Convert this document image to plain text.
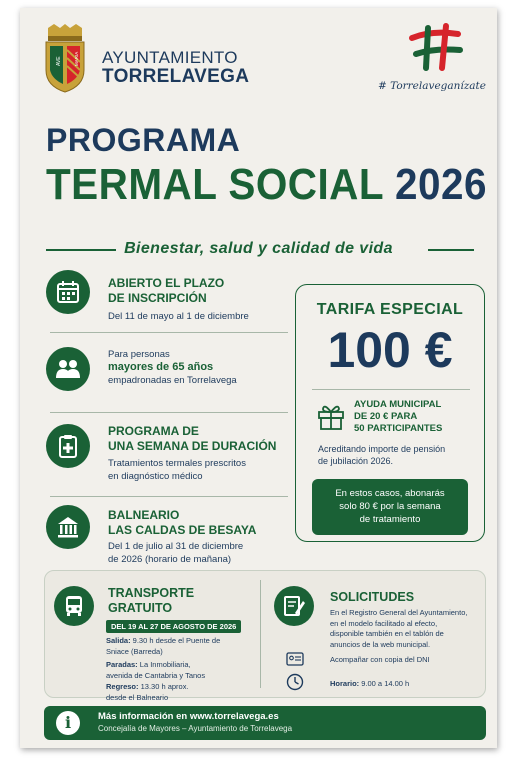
AVE	MARIA AYUNTAMIENTO
TORRELAVEGA	# Torrelaveganízate
PROGRAMA
TERMAL SOCIAL 2026
Bienestar, salud y calidad de vida
ABIERTO EL PLAZO
DE INSCRIPCIÓN
Del 11 de mayo al 1 de diciembre
Para personas
mayores de 65 años
empadronadas en Torrelavega
PROGRAMA DE
UNA SEMANA DE DURACIÓN
Tratamientos termales prescritos
en diagnóstico médico
BALNEARIO
LAS CALDAS DE BESAYA
Del 1 de julio al 31 de diciembre
de 2026 (horario de mañana)
TARIFA ESPECIAL
100 €
AYUDA MUNICIPAL
DE 20 € PARA
50 PARTICIPANTES
Acreditando importe de pensión
de jubilación 2026.
En estos casos, abonarás
solo 80 € por la semana
de tratamiento
TRANSPORTE
GRATUITO
DEL 19 AL 27 DE AGOSTO DE 2026
Salida: 9.30 h desde el Puente de
Sniace (Barreda)
Paradas: La Inmobiliaria,
avenida de Cantabria y Tanos
Regreso: 13.30 h aprox.
desde el Balneario
SOLICITUDES
En el Registro General del Ayuntamiento,
en el modelo facilitado al efecto,
disponible también en el tablón de
anuncios de la web municipal.
Acompañar con copia del DNI
Horario: 9.00 a 14.00 h
i	Más información en www.torrelavega.es
Concejalía de Mayores – Ayuntamiento de Torrelavega
